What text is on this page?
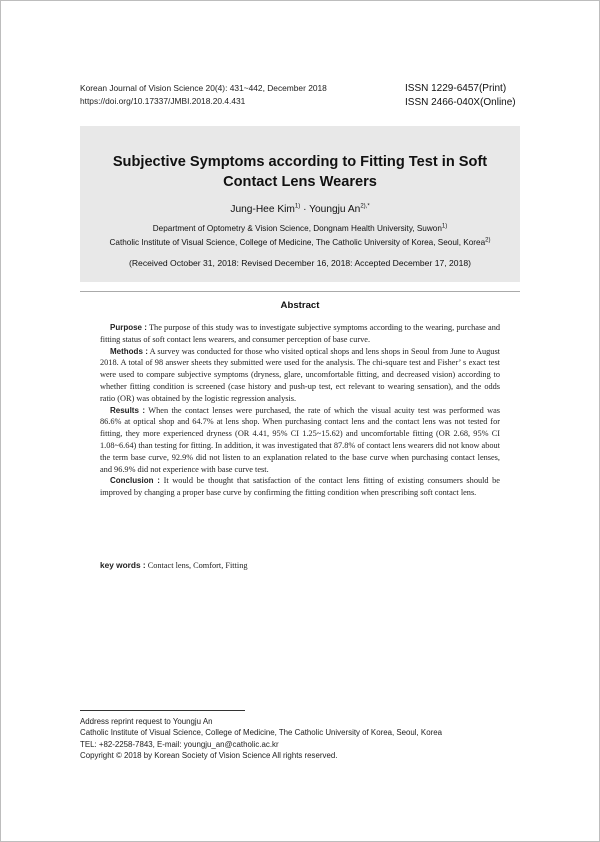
Korean Journal of Vision Science 20(4): 431~442, December 2018
https://doi.org/10.17337/JMBI.2018.20.4.431
ISSN 1229-6457(Print)
ISSN 2466-040X(Online)
Subjective Symptoms according to Fitting Test in Soft
Contact Lens Wearers
Jung-Hee Kim$^{1)}$ · Youngju $An^{2),*}$
Department of Optometry & Vision Science, Dongnam Health University, Suwon$^{1)}$
Catholic Institute of Visual Science, College of Medicine, The Catholic University of Korea, Seoul, Korea$^{2)}$
(Received October 31, 2018: Revised December 16, 2018: Accepted December 17, 2018)
Abstract

Purpose : The purpose of this study was to investigate subjective symptoms according to the wearing, purchase and fitting status of soft contact lens wearers, and consumer perception of base curve.

Methods : A survey was conducted for those who visited optical shops and lens shops in Seoul from June to August 2018. A total of 98 answer sheets they submitted were used for the analysis. The chi-square test and Fisher’ s exact test were used to compare subjective symptoms (dryness, glare, uncomfortable fitting, and decreased vision) according to whether fitting condition is screened (case history and push-up test, ect relevant to wearing sensation), and the odds ratio (OR) was obtained by the logistic regression analysis.

Results : When the contact lenses were purchased, the rate of which the visual acuity test was performed was 86.6% at optical shop and 64.7% at lens shop. When purchasing contact lens and the contact lens was not tested for fitting, they more experienced dryness (OR 4.41, 95% CI 1.25~15.62) and uncomfortable fitting (OR 2.68, 95% CI 1.08~6.64) than testing for fitting. In addition, it was investigated that 87.8% of contact lens wearers did not know about the term base curve, 92.9% did not listen to an explanation related to the base curve when purchasing contact lenses, and 96.9% did not experience with base curve test.

Conclusion : It would be thought that satisfaction of the contact lens fitting of existing consumers should be improved by changing a proper base curve by confirming the fitting condition when prescribing soft contact lens.

key words : Contact lens, Comfort, Fitting
Address reprint request to Youngju An
Catholic Institute of Visual Science, College of Medicine, The Catholic University of Korea, Seoul, Korea
TEL: +82-2258-7843, E-mail: youngju_an@catholic.ac.kr
Copyright © 2018 by Korean Society of Vision Science All rights reserved.
